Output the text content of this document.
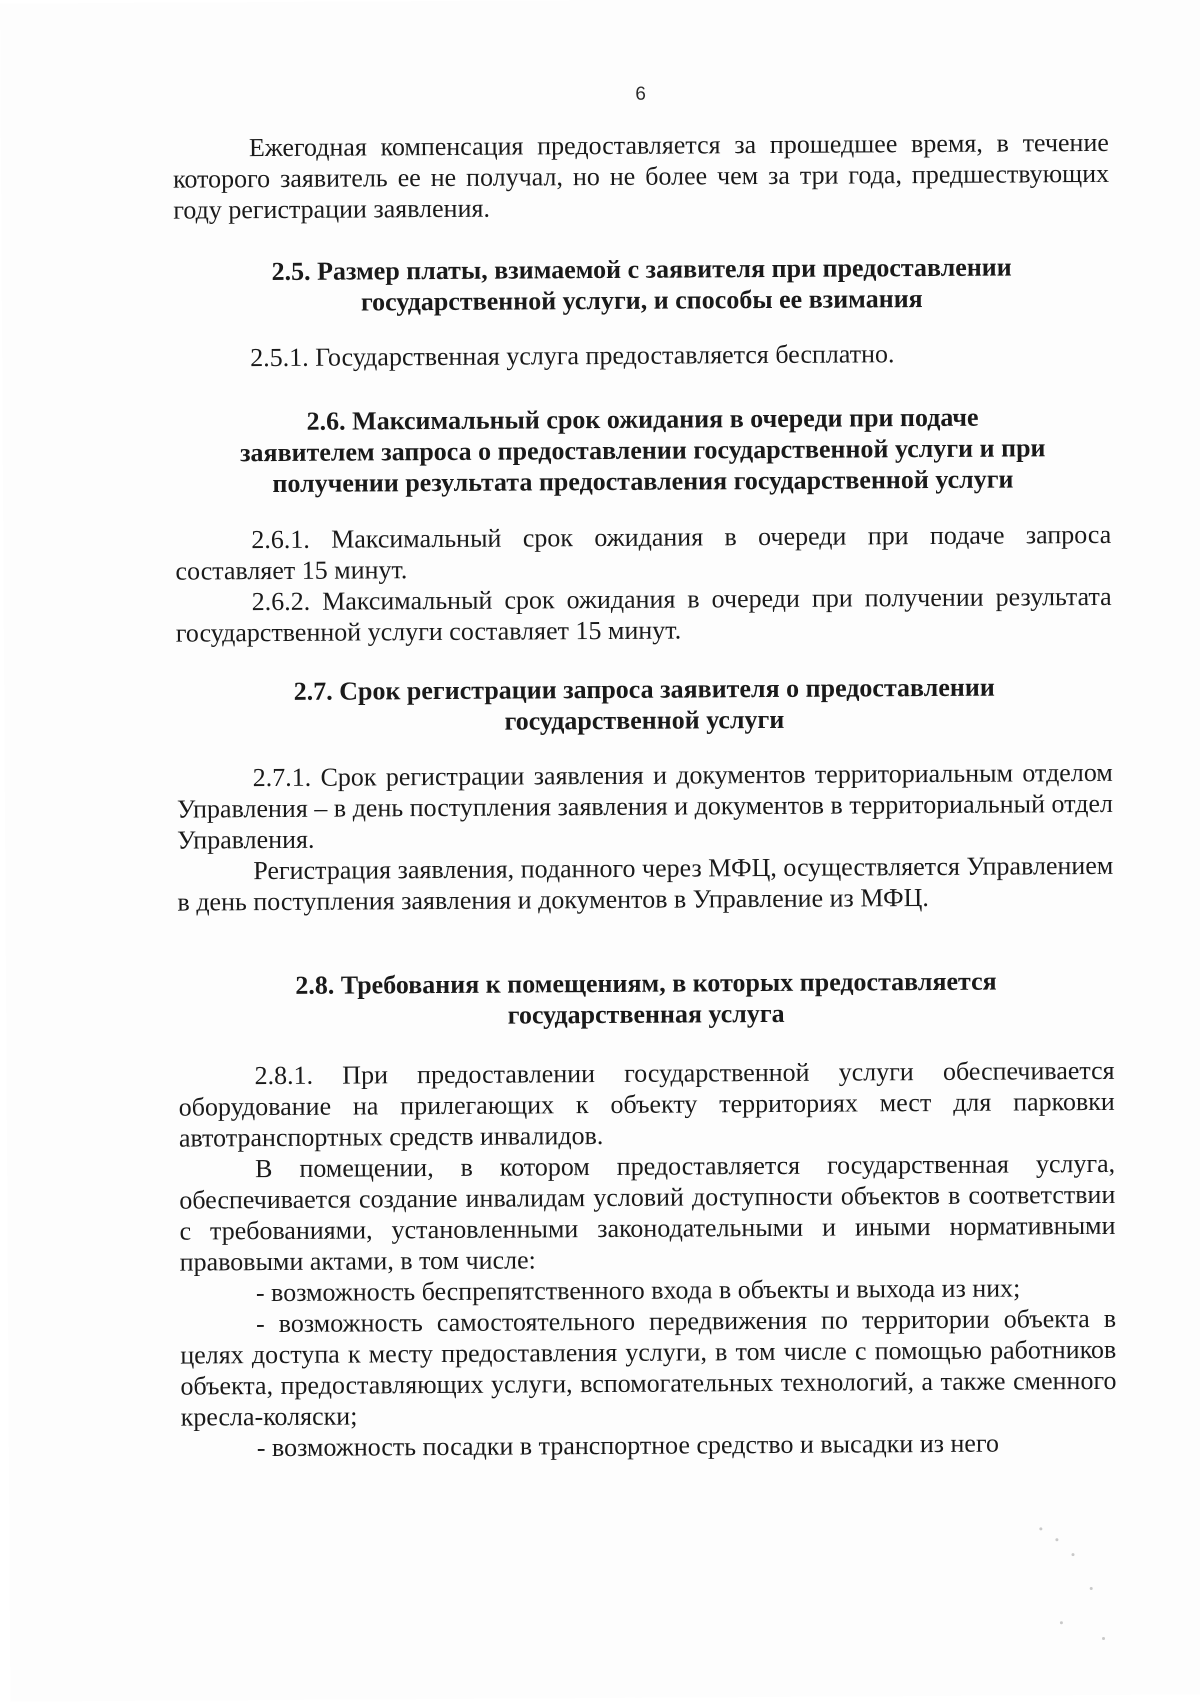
6

Ежегодная компенсация предоставляется за прошедшее время, в течение которого заявитель ее не получал, но не более чем за три года, предшествующих году регистрации заявления.

2.5. Размер платы, взимаемой с заявителя при предоставлении
государственной услуги, и способы ее взимания

2.5.1. Государственная услуга предоставляется бесплатно.

2.6. Максимальный срок ожидания в очереди при подаче
заявителем запроса о предоставлении государственной услуги и при
получении результата предоставления государственной услуги

2.6.1. Максимальный срок ожидания в очереди при подаче запроса составляет 15 минут.

2.6.2. Максимальный срок ожидания в очереди при получении результата государственной услуги составляет 15 минут.

2.7. Срок регистрации запроса заявителя о предоставлении
государственной услуги

2.7.1. Срок регистрации заявления и документов территориальным отделом Управления – в день поступления заявления и документов в территориальный отдел Управления.

Регистрация заявления, поданного через МФЦ, осуществляется Управлением в день поступления заявления и документов в Управление из МФЦ.

2.8. Требования к помещениям, в которых предоставляется
государственная услуга

2.8.1. При предоставлении государственной услуги обеспечивается оборудование на прилегающих к объекту территориях мест для парковки автотранспортных средств инвалидов.

В помещении, в котором предоставляется государственная услуга, обеспечивается создание инвалидам условий доступности объектов в соответствии с требованиями, установленными законодательными и иными нормативными правовыми актами, в том числе:

- возможность беспрепятственного входа в объекты и выхода из них;

- возможность самостоятельного передвижения по территории объекта в целях доступа к месту предоставления услуги, в том числе с помощью работников объекта, предоставляющих услуги, вспомогательных технологий, а также сменного кресла-коляски;

- возможность посадки в транспортное средство и высадки из него
